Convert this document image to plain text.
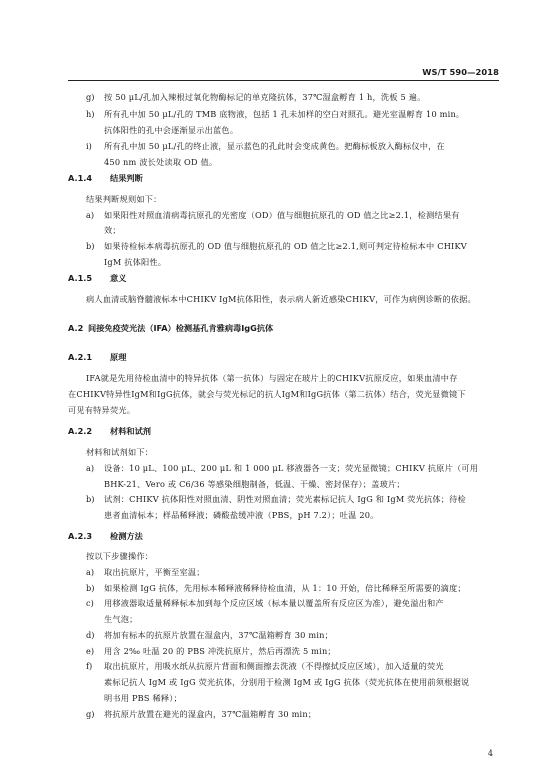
WS/T 590—2018
g) 按 50 μL/孔加入辣根过氧化物酶标记的单克隆抗体，37℃湿盒孵育 1 h，洗板 5 遍。
h) 所有孔中加 50 μL/孔的 TMB 底物液，包括 1 孔未加样的空白对照孔。避光室温孵育 10 min。
抗体阳性的孔中会逐渐显示出蓝色。
i) 所有孔中加 50 μL/孔的终止液，显示蓝色的孔此时会变成黄色。把酶标板放入酶标仪中，在
450 nm 波长处读取 OD 值。
A.1.4 结果判断
结果判断规则如下：
a) 如果阳性对照血清病毒抗原孔的光密度（OD）值与细胞抗原孔的 OD 值之比≥2.1，检测结果有
效；
b) 如果待检标本病毒抗原孔的 OD 值与细胞抗原孔的 OD 值之比≥2.1,则可判定待检标本中 CHIKV
IgM 抗体阳性。
A.1.5 意义
病人血清或脑脊髓液标本中CHIKV IgM抗体阳性，表示病人新近感染CHIKV，可作为病例诊断的依据。
A.2 间接免疫荧光法（IFA）检测基孔肯雅病毒IgG抗体
A.2.1 原理
IFA就是先用待检血清中的特异抗体（第一抗体）与固定在玻片上的CHIKV抗原反应，如果血清中存
在CHIKV特异性IgM和IgG抗体，就会与荧光标记的抗人IgM和IgG抗体（第二抗体）结合，荧光显微镜下
可见有特异荧光。
A.2.2 材料和试剂
材料和试剂如下：
a) 设备：10 μL、100 μL、200 μL 和 1 000 μL 移液器各一支；荧光显微镜；CHIKV 抗原片（可用
BHK-21、Vero 或 C6/36 等感染细胞制备，低温、干燥、密封保存）；盖玻片；
b) 试剂：CHIKV 抗体阳性对照血清、阴性对照血清；荧光素标记抗人 IgG 和 IgM 荧光抗体；待检
患者血清标本；样品稀释液；磷酸盐缓冲液（PBS，pH 7.2）；吐温 20。
A.2.3 检测方法
按以下步骤操作：
a) 取出抗原片，平衡至室温；
b) 如果检测 IgG 抗体，先用标本稀释液稀释待检血清，从 1：10 开始，倍比稀释至所需要的滴度；
c) 用移液器取适量稀释标本加到每个反应区域（标本量以覆盖所有反应区为准），避免溢出和产
生气泡；
d) 将加有标本的抗原片放置在湿盒内，37℃温箱孵育 30 min；
e) 用含 2‰ 吐温 20 的 PBS 冲洗抗原片，然后再漂洗 5 min；
f) 取出抗原片，用吸水纸从抗原片背面和侧面擦去洗液（不得擦拭反应区域），加入适量的荧光
素标记抗人 IgM 或 IgG 荧光抗体，分别用于检测 IgM 或 IgG 抗体（荧光抗体在使用前须根据说
明书用 PBS 稀释）；
g) 将抗原片放置在避光的湿盒内，37℃温箱孵育 30 min；
4
